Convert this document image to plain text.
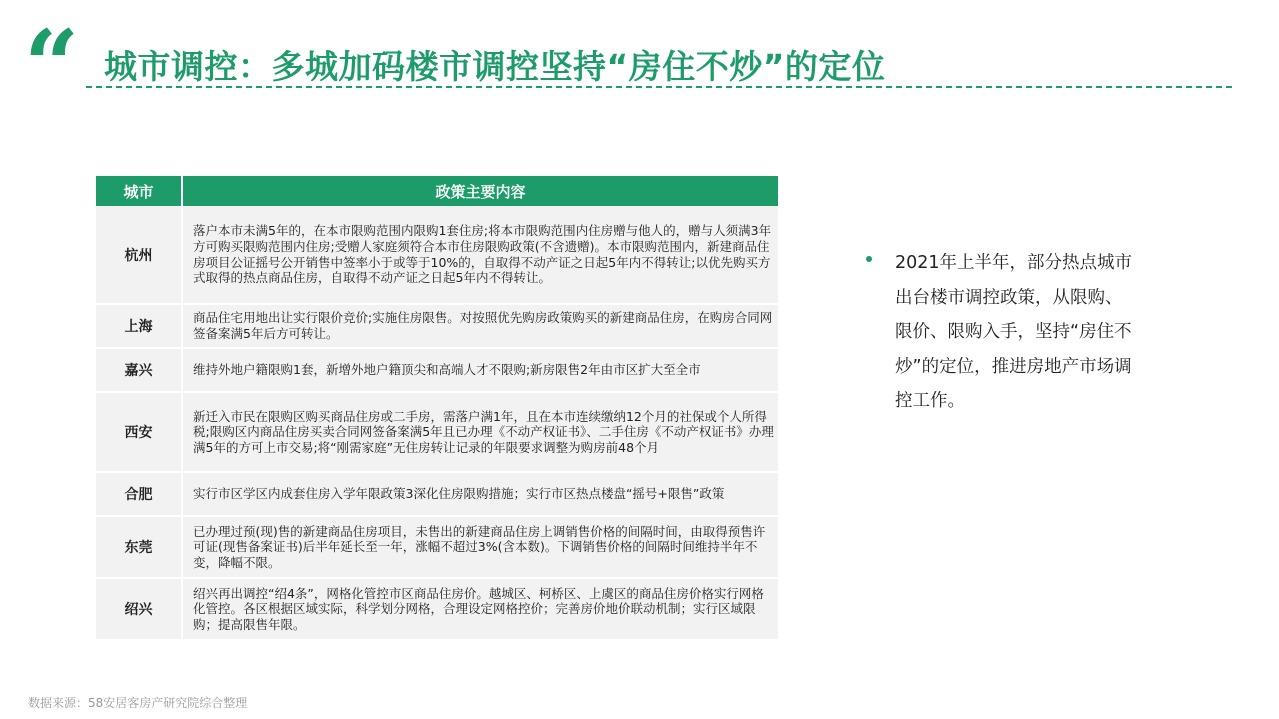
“ 城市调控：多城加码楼市调控坚持“房住不炒”的定位
城市	政策主要内容
杭州	落户本市未满5年的，在本市限购范围内限购1套住房;将本市限购范围内住房赠与他人的，赠与人须满3年方可购买限购范围内住房;受赠人家庭须符合本市住房限购政策(不含遗赠)。本市限购范围内，新建商品住房项目公证摇号公开销售中签率小于或等于10%的，自取得不动产证之日起5年内不得转让;以优先购买方式取得的热点商品住房，自取得不动产证之日起5年内不得转让。
上海	商品住宅用地出让实行限价竞价;实施住房限售。对按照优先购房政策购买的新建商品住房，在购房合同网签备案满5年后方可转让。
嘉兴	维持外地户籍限购1套，新增外地户籍顶尖和高端人才不限购;新房限售2年由市区扩大至全市
西安	新迁入市民在限购区购买商品住房或二手房，需落户满1年，且在本市连续缴纳12个月的社保或个人所得税;限购区内商品住房买卖合同网签备案满5年且已办理《不动产权证书》、二手住房《不动产权证书》办理满5年的方可上市交易;将“刚需家庭”无住房转让记录的年限要求调整为购房前48个月
合肥	实行市区学区内成套住房入学年限政策3深化住房限购措施；实行市区热点楼盘“摇号+限售”政策
东莞	已办理过预(现)售的新建商品住房项目，未售出的新建商品住房上调销售价格的间隔时间，由取得预售许可证(现售备案证书)后半年延长至一年，涨幅不超过3%(含本数)。下调销售价格的间隔时间维持半年不变，降幅不限。
绍兴	绍兴再出调控“绍4条”，网格化管控市区商品住房价。越城区、柯桥区、上虞区的商品住房价格实行网格化管控。各区根据区域实际，科学划分网格，合理设定网格控价；完善房价地价联动机制；实行区域限购；提高限售年限。
2021年上半年，部分热点城市出台楼市调控政策，从限购、限价、限购入手，坚持“房住不炒”的定位，推进房地产市场调控工作。
数据来源：58安居客房产研究院综合整理
